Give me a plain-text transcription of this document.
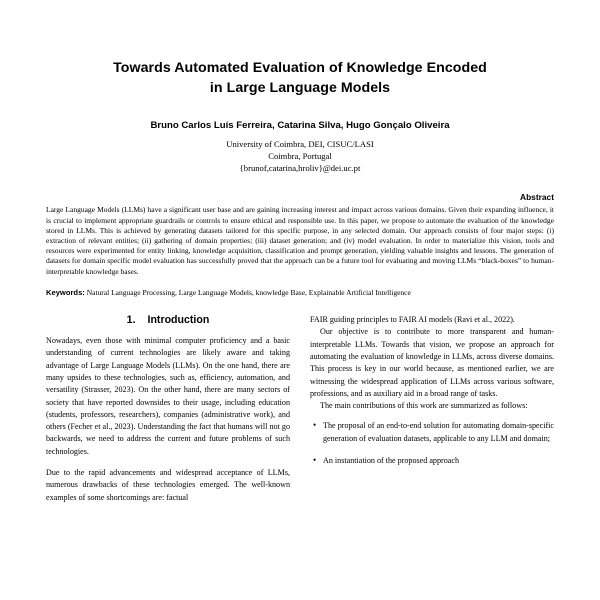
Towards Automated Evaluation of Knowledge Encoded
in Large Language Models
Bruno Carlos Luís Ferreira, Catarina Silva, Hugo Gonçalo Oliveira
University of Coimbra, DEI, CISUC/LASI
Coimbra, Portugal
{brunof,catarina,hroliv}@dei.uc.pt
Abstract

Large Language Models (LLMs) have a significant user base and are gaining increasing interest and impact across various domains. Given their expanding influence, it is crucial to implement appropriate guardrails or controls to ensure ethical and responsible use. In this paper, we propose to automate the evaluation of the knowledge stored in LLMs. This is achieved by generating datasets tailored for this specific purpose, in any selected domain. Our approach consists of four major steps: (i) extraction of relevant entities; (ii) gathering of domain properties; (iii) dataset generation; and (iv) model evaluation. In order to materialize this vision, tools and resources were experimented for entity linking, knowledge acquisition, classification and prompt generation, yielding valuable insights and lessons. The generation of datasets for domain specific model evaluation has successfully proved that the approach can be a future tool for evaluating and moving LLMs “black-boxes” to human-interpretable knowledge bases.

Keywords: Natural Language Processing, Large Language Models, knowledge Base, Explainable Artificial Intelligence
1. Introduction

Nowadays, even those with minimal computer proficiency and a basic understanding of current technologies are likely aware and taking advantage of Large Language Models (LLMs). On the one hand, there are many upsides to these technologies, such as, efficiency, automation, and versatility (Strasser, 2023). On the other hand, there are many sectors of society that have reported downsides to their usage, including education (students, professors, researchers), companies (administrative work), and others (Fecher et al., 2023). Understanding the fact that humans will not go backwards, we need to address the current and future problems of such technologies.

Due to the rapid advancements and widespread acceptance of LLMs, numerous drawbacks of these technologies emerged. The well-known examples of some shortcomings are: factual

FAIR guiding principles to FAIR AI models (Ravi et al., 2022).

Our objective is to contribute to more transparent and human-interpretable LLMs. Towards that vision, we propose an approach for automating the evaluation of knowledge in LLMs, across diverse domains. This process is key in our world because, as mentioned earlier, we are witnessing the widespread application of LLMs across various software, professions, and as auxiliary aid in a broad range of tasks.

The main contributions of this work are summarized as follows:

• The proposal of an end-to-end solution for automating domain-specific generation of evaluation datasets, applicable to any LLM and domain;
• An instantiation of the proposed approach
